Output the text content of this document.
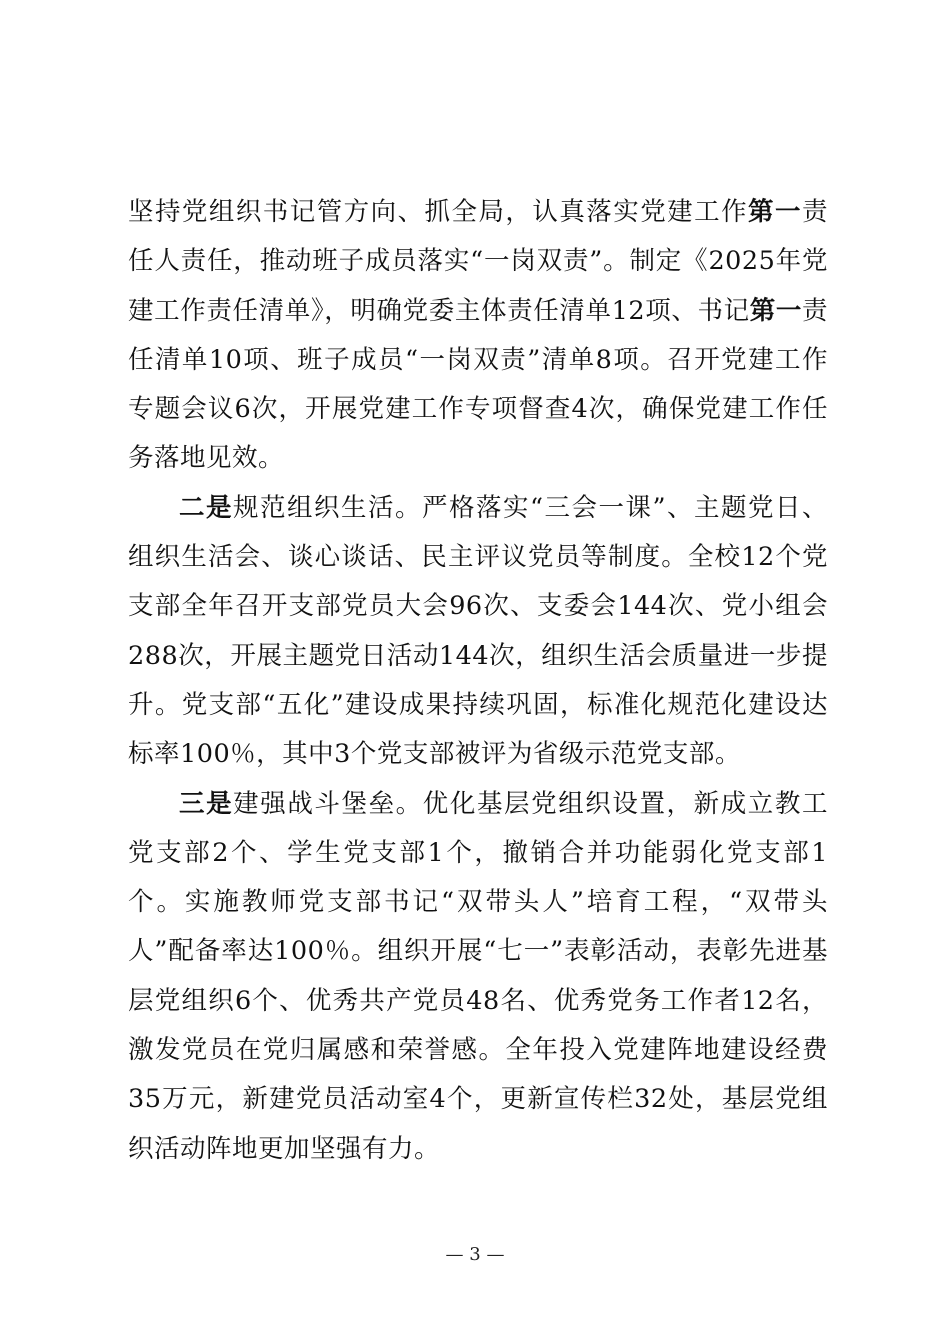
坚持党组织书记管方向、抓全局，认真落实党建工作第一责任人责任，推动班子成员落实“一岗双责”。制定《2025年党建工作责任清单》，明确党委主体责任清单12项、书记第一责任清单10项、班子成员“一岗双责”清单8项。召开党建工作专题会议6次，开展党建工作专项督查4次，确保党建工作任务落地见效。

二是规范组织生活。严格落实“三会一课”、主题党日、组织生活会、谈心谈话、民主评议党员等制度。全校12个党支部全年召开支部党员大会96次、支委会144次、党小组会288次，开展主题党日活动144次，组织生活会质量进一步提升。党支部“五化”建设成果持续巩固，标准化规范化建设达标率100％，其中3个党支部被评为省级示范党支部。

三是建强战斗堡垒。优化基层党组织设置，新成立教工党支部2个、学生党支部1个，撤销合并功能弱化党支部1个。实施教师党支部书记“双带头人”培育工程，“双带头人”配备率达100％。组织开展“七一”表彰活动，表彰先进基层党组织6个、优秀共产党员48名、优秀党务工作者12名，激发党员在党归属感和荣誉感。全年投入党建阵地建设经费35万元，新建党员活动室4个，更新宣传栏32处，基层党组织活动阵地更加坚强有力。

— 3 —
